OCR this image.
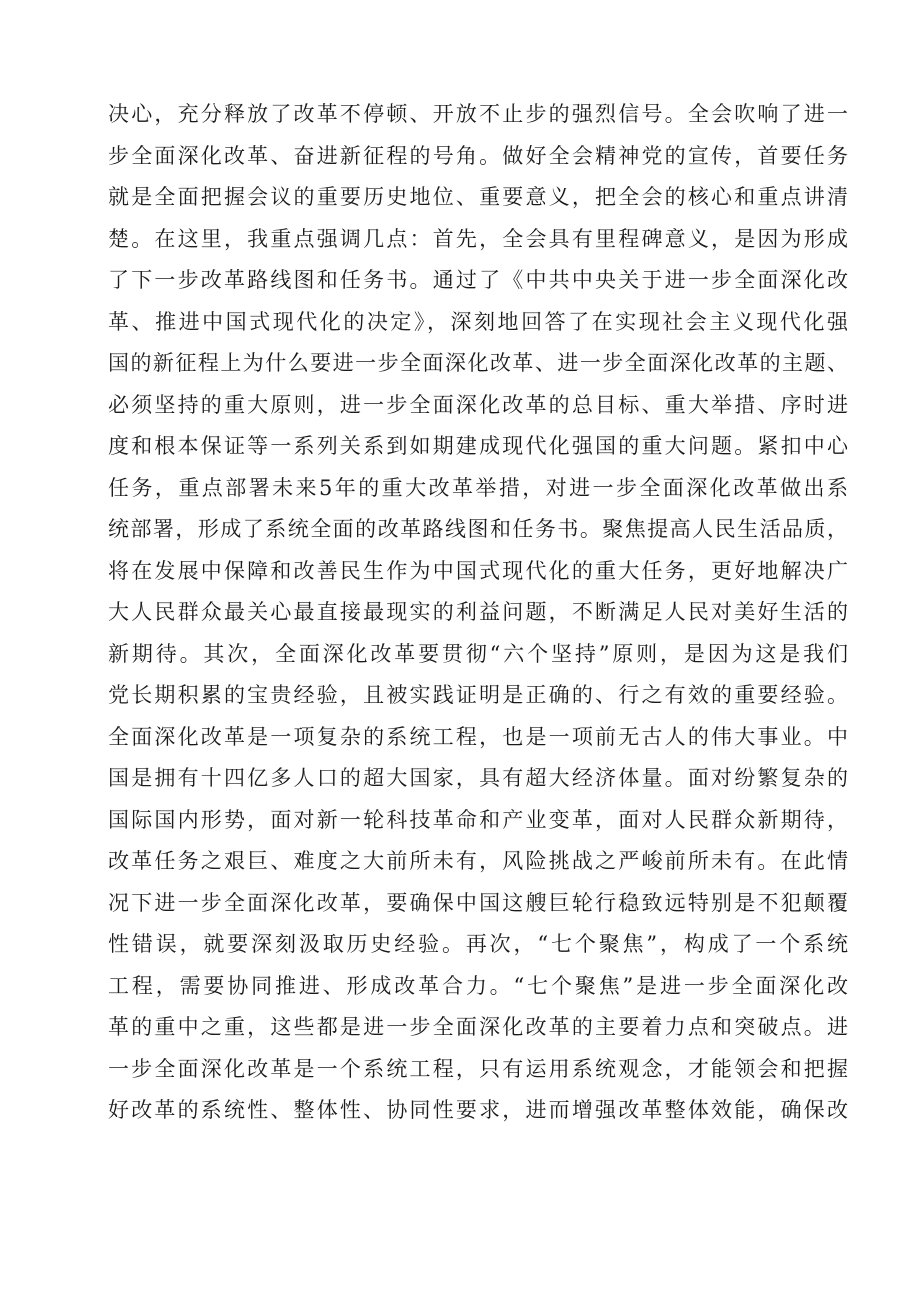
决心，充分释放了改革不停顿、开放不止步的强烈信号。全会吹响了进一
步全面深化改革、奋进新征程的号角。做好全会精神党的宣传，首要任务
就是全面把握会议的重要历史地位、重要意义，把全会的核心和重点讲清
楚。在这里，我重点强调几点：首先，全会具有里程碑意义，是因为形成
了下一步改革路线图和任务书。通过了《中共中央关于进一步全面深化改
革、推进中国式现代化的决定》，深刻地回答了在实现社会主义现代化强
国的新征程上为什么要进一步全面深化改革、进一步全面深化改革的主题、
必须坚持的重大原则，进一步全面深化改革的总目标、重大举措、序时进
度和根本保证等一系列关系到如期建成现代化强国的重大问题。紧扣中心
任务，重点部署未来5年的重大改革举措，对进一步全面深化改革做出系
统部署，形成了系统全面的改革路线图和任务书。聚焦提高人民生活品质，
将在发展中保障和改善民生作为中国式现代化的重大任务，更好地解决广
大人民群众最关心最直接最现实的利益问题，不断满足人民对美好生活的
新期待。其次，全面深化改革要贯彻“六个坚持”原则，是因为这是我们
党长期积累的宝贵经验，且被实践证明是正确的、行之有效的重要经验。
全面深化改革是一项复杂的系统工程，也是一项前无古人的伟大事业。中
国是拥有十四亿多人口的超大国家，具有超大经济体量。面对纷繁复杂的
国际国内形势，面对新一轮科技革命和产业变革，面对人民群众新期待，
改革任务之艰巨、难度之大前所未有，风险挑战之严峻前所未有。在此情
况下进一步全面深化改革，要确保中国这艘巨轮行稳致远特别是不犯颠覆
性错误，就要深刻汲取历史经验。再次，“七个聚焦”，构成了一个系统
工程，需要协同推进、形成改革合力。“七个聚焦”是进一步全面深化改
革的重中之重，这些都是进一步全面深化改革的主要着力点和突破点。进
一步全面深化改革是一个系统工程，只有运用系统观念，才能领会和把握
好改革的系统性、整体性、协同性要求，进而增强改革整体效能，确保改
